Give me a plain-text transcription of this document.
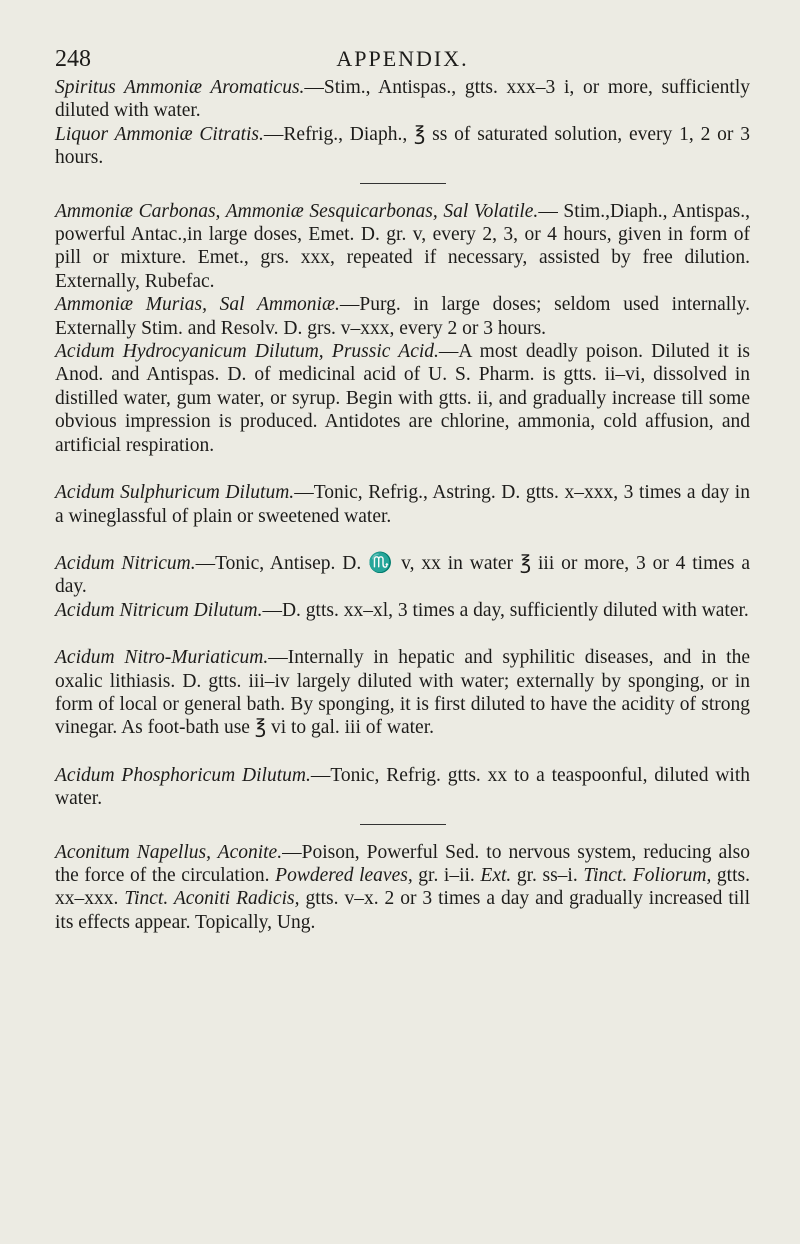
248	APPENDIX.

Spiritus Ammoniæ Aromaticus.—Stim., Antispas., gtts. xxx–3 i, or more, sufficiently diluted with water.

Liquor Ammoniæ Citratis.—Refrig., Diaph., ℥ ss of saturated solution, every 1, 2 or 3 hours.

Ammoniæ Carbonas, Ammoniæ Sesquicarbonas, Sal Volatile.— Stim.,Diaph., Antispas., powerful Antac.,in large doses, Emet. D. gr. v, every 2, 3, or 4 hours, given in form of pill or mixture. Emet., grs. xxx, repeated if necessary, assisted by free dilution. Externally, Rubefac.

Ammoniæ Murias, Sal Ammoniæ.—Purg. in large doses; seldom used internally. Externally Stim. and Resolv. D. grs. v–xxx, every 2 or 3 hours.

Acidum Hydrocyanicum Dilutum, Prussic Acid.—A most deadly poison. Diluted it is Anod. and Antispas. D. of medicinal acid of U. S. Pharm. is gtts. ii–vi, dissolved in distilled water, gum water, or syrup. Begin with gtts. ii, and gradually increase till some obvious impression is produced. Antidotes are chlorine, ammonia, cold affusion, and artificial respiration.

Acidum Sulphuricum Dilutum.—Tonic, Refrig., Astring. D. gtts. x–xxx, 3 times a day in a wineglassful of plain or sweetened water.

Acidum Nitricum.—Tonic, Antisep. D. ♏ v, xx in water ℥ iii or more, 3 or 4 times a day.

Acidum Nitricum Dilutum.—D. gtts. xx–xl, 3 times a day, sufficiently diluted with water.

Acidum Nitro-Muriaticum.—Internally in hepatic and syphilitic diseases, and in the oxalic lithiasis. D. gtts. iii–iv largely diluted with water; externally by sponging, or in form of local or general bath. By sponging, it is first diluted to have the acidity of strong vinegar. As foot-bath use ℥ vi to gal. iii of water.

Acidum Phosphoricum Dilutum.—Tonic, Refrig. gtts. xx to a teaspoonful, diluted with water.

Aconitum Napellus, Aconite.—Poison, Powerful Sed. to nervous system, reducing also the force of the circulation. Powdered leaves, gr. i–ii. Ext. gr. ss–i. Tinct. Foliorum, gtts. xx–xxx. Tinct. Aconiti Radicis, gtts. v–x. 2 or 3 times a day and gradually increased till its effects appear. Topically, Ung.
